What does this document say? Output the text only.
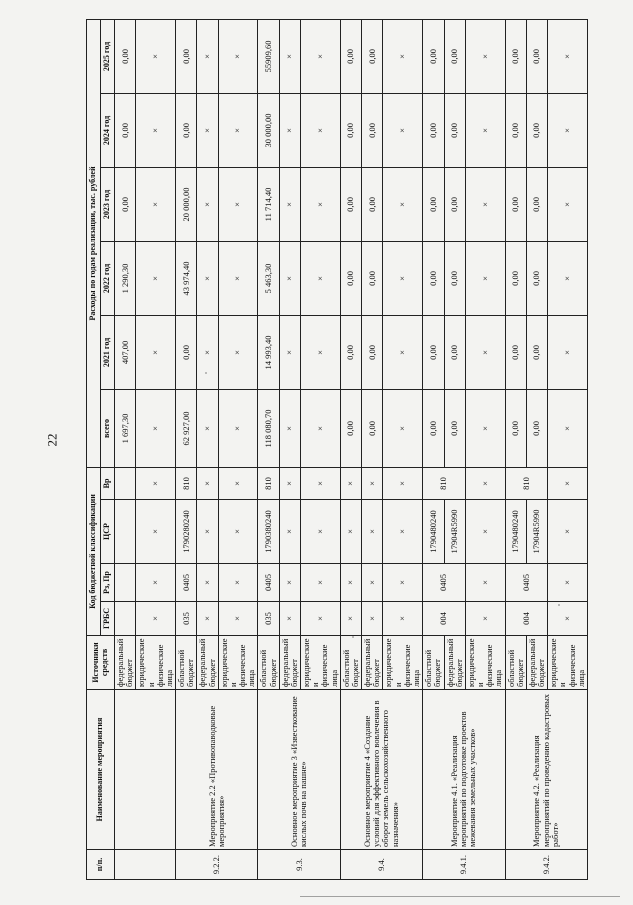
22
п/п.	Наименование мероприятия	Источники средств	Код бюджетной классификации				Расходы по годам реализации, тыс. рублей					
			ГРБС	Рз, Пр	ЦСР	Вр	всего	2021 год	2022 год	2023 год	2024 год	2025 год
		федеральный бюджет					1 697,30	407,00	1 290,30	0,00	0,00	0,00
		юридические и физические лица	×	×	×	×	×	×	×	×	×	×
9.2.2.	Мероприятие 2.2 «Противопаводковые мероприятия»	областной бюджет	035	0405	1790280240	810	62 927,00	0,00	43 974,40	20 000,00	0,00	0,00
		федеральный бюджет	×	×	×	×	×	×	×	×	×	×
		юридические и физические лица	×	×	×	×	×	×	×	×	×	×
9.3.	Основное мероприятие 3 «Известкование кислых почв на пашне»	областной бюджет	035	0405	1790380240	810	118 080,70	14 993,40	5 463,30	11 714,40	30 000,00	55909,60
		федеральный бюджет	×	×	×	×	×	×	×	×	×	×
		юридические и физические лица	×	×	×	×	×	×	×	×	×	×
9.4.	Основное мероприятие 4 «Создание условий для эффективного вовлечения в оборот земель сельскохозяйственного назначения»	областной бюджет	×	×	×	×	0,00	0,00	0,00	0,00	0,00	0,00
		федеральный бюджет	×	×	×	×	0,00	0,00	0,00	0,00	0,00	0,00
		юридические и физические лица	×	×	×	×	×	×	×	×	×	×
9.4.1.	Мероприятие 4.1. «Реализация мероприятий по подготовке проектов межевания земельных участков»	областной бюджет	004	0405	1790480240	810	0,00	0,00	0,00	0,00	0,00	0,00
		федеральный бюджет			17904R5990		0,00	0,00	0,00	0,00	0,00	0,00
		юридические и физические лица	×	×	×	×	×	×	×	×	×	×
9.4.2.	Мероприятие 4.2. «Реализация мероприятий по проведению кадастровых работ»	областной бюджет	004	0405	1790480240	810	0,00	0,00	0,00	0,00	0,00	0,00
		федеральный бюджет			17904R5990		0,00	0,00	0,00	0,00	0,00	0,00
		юридические и физические лица	×	×	×	×	×	×	×	×	×	×
